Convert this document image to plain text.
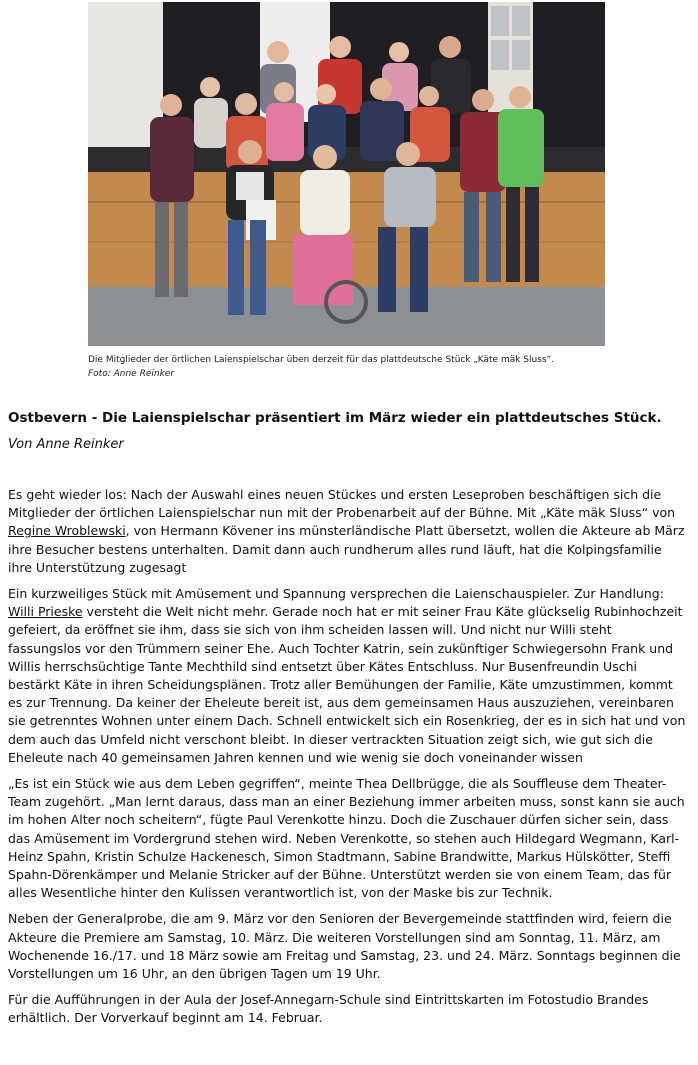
Die Mitglieder der örtlichen Laienspielschar üben derzeit für das plattdeutsche Stück „Käte mäk Sluss“.
Foto: Anne Reinker
Ostbevern - Die Laienspielschar präsentiert im März wieder ein plattdeutsches Stück.
Von Anne Reinker

Es geht wieder los: Nach der Auswahl eines neuen Stückes und ersten Leseproben beschäftigen sich die Mitglieder der örtlichen Laienspielschar nun mit der Probenarbeit auf der Bühne. Mit „Käte mäk Sluss“ von Regine Wroblewski, von Hermann Kövener ins münsterländische Platt übersetzt, wollen die Akteure ab März ihre Besucher bestens unterhalten. Damit dann auch rundherum alles rund läuft, hat die Kolpingsfamilie ihre Unterstützung zugesagt

Ein kurzweiliges Stück mit Amüsement und Spannung versprechen die Laienschauspieler. Zur Handlung: Willi Prieske versteht die Welt nicht mehr. Gerade noch hat er mit seiner Frau Käte glückselig Rubinhochzeit gefeiert, da eröffnet sie ihm, dass sie sich von ihm scheiden lassen will. Und nicht nur Willi steht fassungslos vor den Trümmern seiner Ehe. Auch Tochter Katrin, sein zukünftiger Schwiegersohn Frank und Willis herrschsüchtige Tante Mechthild sind entsetzt über Kätes Entschluss. Nur Busenfreundin Uschi bestärkt Käte in ihren Scheidungsplänen. Trotz aller Bemühungen der Familie, Käte umzustimmen, kommt es zur Trennung. Da keiner der Eheleute bereit ist, aus dem gemeinsamen Haus auszuziehen, vereinbaren sie getrenntes Wohnen unter einem Dach. Schnell entwickelt sich ein Rosenkrieg, der es in sich hat und von dem auch das Umfeld nicht verschont bleibt. In dieser vertrackten Situation zeigt sich, wie gut sich die Eheleute nach 40 gemeinsamen Jahren kennen und wie wenig sie doch voneinander wissen

„Es ist ein Stück wie aus dem Leben gegriffen“, meinte Thea Dellbrügge, die als Souffleuse dem Theater-Team zugehört. „Man lernt daraus, dass man an einer Beziehung immer arbeiten muss, sonst kann sie auch im hohen Alter noch scheitern“, fügte Paul Verenkotte hinzu. Doch die Zuschauer dürfen sicher sein, dass das Amüsement im Vordergrund stehen wird. Neben Verenkotte, so stehen auch Hildegard Wegmann, Karl-Heinz Spahn, Kristin Schulze Hackenesch, Simon Stadtmann, Sabine Brandwitte, Markus Hülskötter, Steffi Spahn-Dörenkämper und Melanie Stricker auf der Bühne. Unterstützt werden sie von einem Team, das für alles Wesentliche hinter den Kulissen verantwortlich ist, von der Maske bis zur Technik.

Neben der Generalprobe, die am 9. März vor den Senioren der Bevergemeinde stattfinden wird, feiern die Akteure die Premiere am Samstag, 10. März. Die weiteren Vorstellungen sind am Sonntag, 11. März, am Wochenende 16./17. und 18 März sowie am Freitag und Samstag, 23. und 24. März. Sonntags beginnen die Vorstellungen um 16 Uhr, an den übrigen Tagen um 19 Uhr.

Für die Aufführungen in der Aula der Josef-Annegarn-Schule sind Eintrittskarten im Fotostudio Brandes erhältlich. Der Vorverkauf beginnt am 14. Februar.
